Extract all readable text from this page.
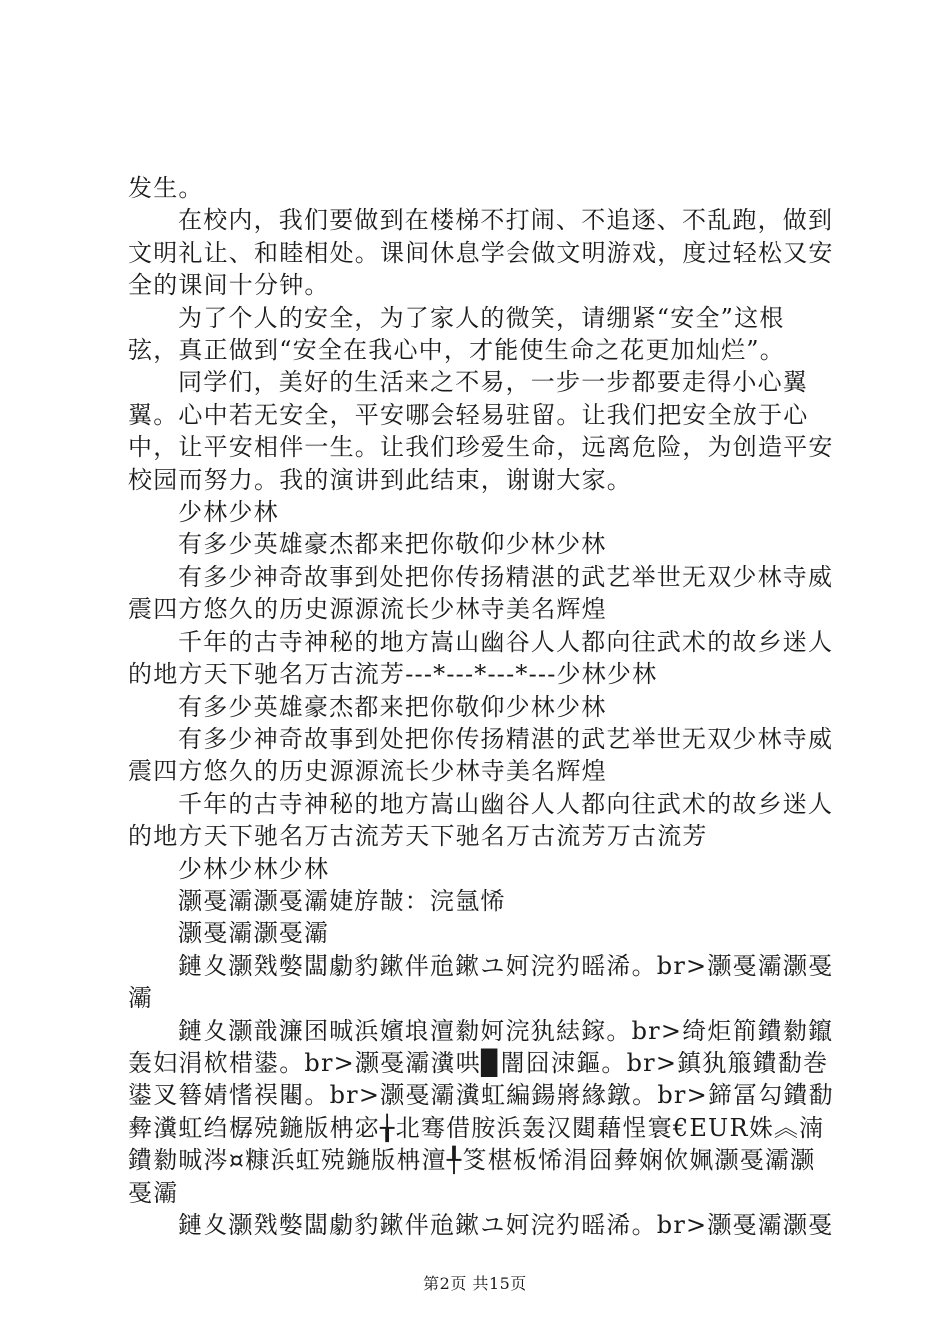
发生。

在校内，我们要做到在楼梯不打闹、不追逐、不乱跑，做到文明礼让、和睦相处。课间休息学会做文明游戏，度过轻松又安全的课间十分钟。

为了个人的安全，为了家人的微笑，请绷紧“安全”这根弦，真正做到“安全在我心中，才能使生命之花更加灿烂”。

同学们，美好的生活来之不易，一步一步都要走得小心翼翼。心中若无安全，平安哪会轻易驻留。让我们把安全放于心中，让平安相伴一生。让我们珍爱生命，远离危险，为创造平安校园而努力。我的演讲到此结束，谢谢大家。

少林少林

有多少英雄豪杰都来把你敬仰少林少林

有多少神奇故事到处把你传扬精湛的武艺举世无双少林寺威震四方悠久的历史源源流长少林寺美名辉煌

千年的古寺神秘的地方嵩山幽谷人人都向往武术的故乡迷人的地方天下驰名万古流芳---*---*---*---少林少林

有多少英雄豪杰都来把你敬仰少林少林

有多少神奇故事到处把你传扬精湛的武艺举世无双少林寺威震四方悠久的历史源源流长少林寺美名辉煌

千年的古寺神秘的地方嵩山幽谷人人都向往武术的故乡迷人的地方天下驰名万古流芳天下驰名万古流芳万古流芳

少林少林少林

灏戞灞灏戞灞婕斿皵：浣氬悕

灏戞灞灏戞灞

鏈夊灏戣嫳闆勮豹鏉伴兘鏉ユ妸浣犳暚浠。br>灏戞灞灏戞灞

鏈夊灏戠濂囨晠浜嬪埌澶勬妸浣犱紶鎵。br>绮炬箾鐨勬鑹轰妇涓栨棤鍙。br>灏戞灞瀵哄▉闇囧洓鏂。br>鎮犱箙鐨勫巻鍙叉簮婧愭祦闀。br>灏戞灞瀵虹編鍚嶈緣鐓。br>鍗冨勾鐨勫彜瀵虹绉樼殑鍦版柟宓╁北骞借胺浜轰汉閮藉悜寰€EUR姝︽湳鐨勬晠涔¤糠浜虹殑鍦版柟澶╀笅椹板悕涓囧彜娴佽姵灏戞灞灏戞灞

鏈夊灏戣嫳闆勮豹鏉伴兘鏉ユ妸浣犳暚浠。br>灏戞灞灏戞

第2页 共15页
